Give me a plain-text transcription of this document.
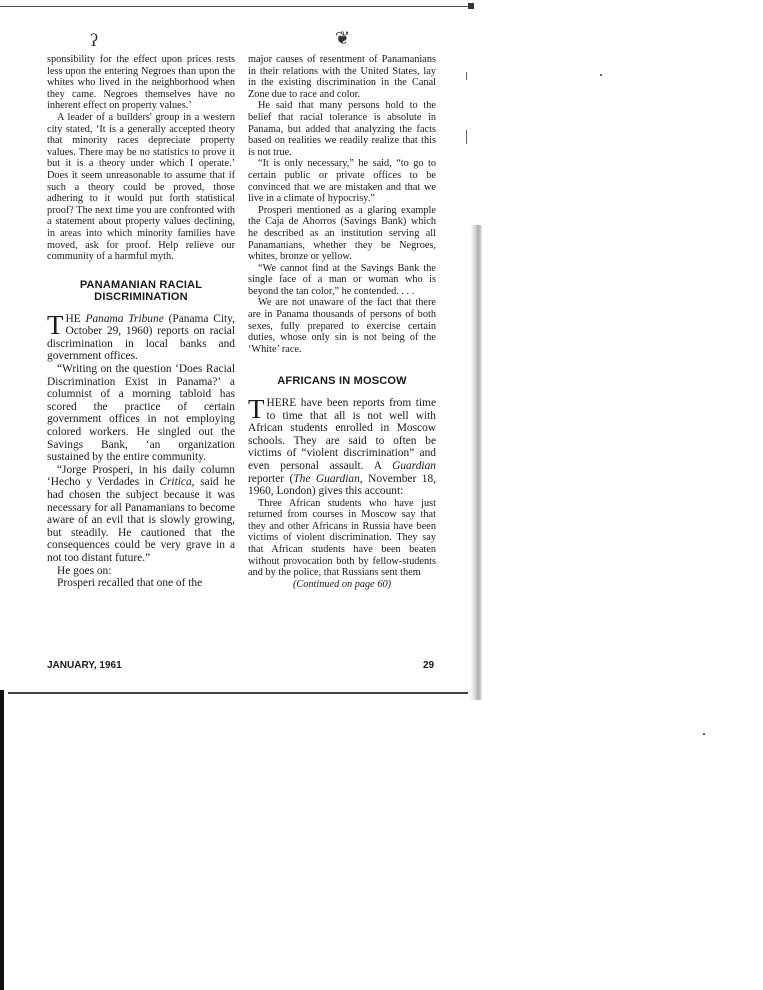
ʔ	❦

sponsibility for the effect upon prices rests less upon the entering Negroes than upon the whites who lived in the neighborhood when they came. Negroes themselves have no inherent effect on property values.’

A leader of a builders' group in a western city stated, ‘It is a generally accepted theory that minority races depreciate property values. There may be no statistics to prove it but it is a theory under which I operate.’ Does it seem unreasonable to assume that if such a theory could be proved, those adhering to it would put forth statistical proof? The next time you are confronted with a statement about property values declining, in areas into which minority families have moved, ask for proof. Help relieve our community of a harmful myth.

PANAMANIAN RACIAL
DISCRIMINATION

THE Panama Tribune (Panama City, October 29, 1960) reports on racial discrimination in local banks and government offices.

“Writing on the question ‘Does Racial Discrimination Exist in Panama?’ a columnist of a morning tabloid has scored the practice of certain government offices in not employing colored workers. He singled out the Savings Bank, ‘an organization sustained by the entire community.

“Jorge Prosperi, in his daily column ‘Hecho y Verdades in Critica, said he had chosen the subject because it was necessary for all Panamanians to become aware of an evil that is slowly growing, but steadily. He cautioned that the consequences could be very grave in a not too distant future.”

He goes on:

Prosperi recalled that one of the

major causes of resentment of Panamanians in their relations with the United States, lay in the existing discrimination in the Canal Zone due to race and color.

He said that many persons hold to the belief that racial tolerance is absolute in Panama, but added that analyzing the facts based on realities we readily realize that this is not true.

“It is only necessary,” he said, “to go to certain public or private offices to be convinced that we are mistaken and that we live in a climate of hypocrisy.”

Prosperi mentioned as a glaring example the Caja de Ahorros (Savings Bank) which he described as an institution serving all Panamanians, whether they be Negroes, whites, bronze or yellow.

“We cannot find at the Savings Bank the single face of a man or woman who is beyond the tan color,” he contended. . . .

We are not unaware of the fact that there are in Panama thousands of persons of both sexes, fully prepared to exercise certain duties, whose only sin is not being of the ‘White’ race.

AFRICANS IN MOSCOW

THERE have been reports from time to time that all is not well with African students enrolled in Moscow schools. They are said to often be victims of “violent discrimination” and even personal assault. A Guardian reporter (The Guardian, November 18, 1960, London) gives this account:

Three African students who have just returned from courses in Moscow say that they and other Africans in Russia have been victims of violent discrimination. They say that African students have been beaten without provocation both by fellow-students and by the police, that Russians sent them

(Continued on page 60)

JANUARY, 1961	29
